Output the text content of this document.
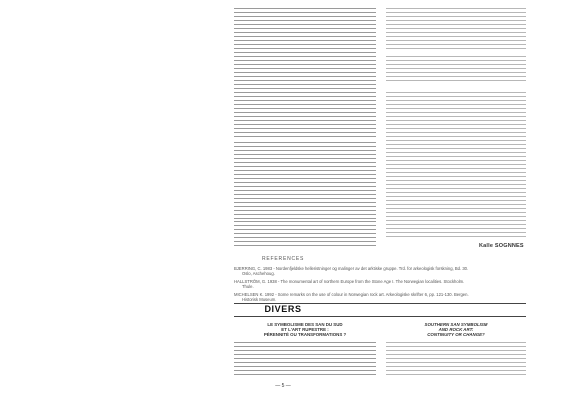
Kalle SOGNNES
REFERENCES
BJERRING, C. 1983 - Nordenfjeldske helleristninger og malinger av det arktiske gruppe. Trd. for arkeologisk forskning, Bd. 30.
Oslo, Aschehoug.
HALLSTRÖM, G. 1938 - The monumental art of northern Europe from the Stone Age I. The Norwegian localities. Stockholm.
Thule.
MICHELSEN K. 1992 - Some remarks on the use of colour in Norwegian rock art. Arkeologiske skrifter 6, pp. 121-130. Bergen.
Historisk Museum.
DIVERS
LE SYMBOLISME DES SAN DU SUD
ET L'ART RUPESTRE :
PÉRENNITÉ OU TRANSFORMATIONS ?
SOUTHERN SAN SYMBOLISM
AND ROCK ART:
CONTINUITY OR CHANGE?
— 5 —
